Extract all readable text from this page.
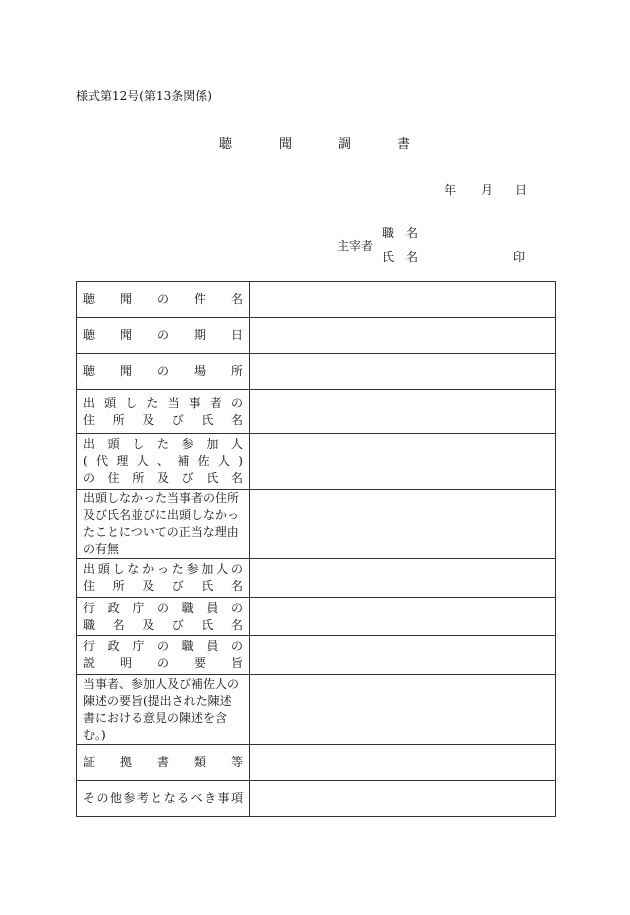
様式第12号(第13条関係)
聴	聞	調	書
年 月 日
主宰者
職　名
氏　名	印
聴　聞　の　件　名	

聴　聞　の　期　日	

聴　聞　の　場　所	

出頭した当事者の
住所及び氏名	

出頭した参加人
(代理人、補佐人)
の住所及び氏名	

出頭しなかった当事者の住所及び氏名並びに出頭しなかったことについての正当な理由の有無	

出頭しなかった参加人の
住所及び氏名	

行政庁の職員の
職名及び氏名	

行政庁の職員の
説明の要旨	

当事者、参加人及び補佐人の陳述の要旨(提出された陳述書における意見の陳述を含む。)	

証　拠　書　類　等	

その他参考となるべき事項	
